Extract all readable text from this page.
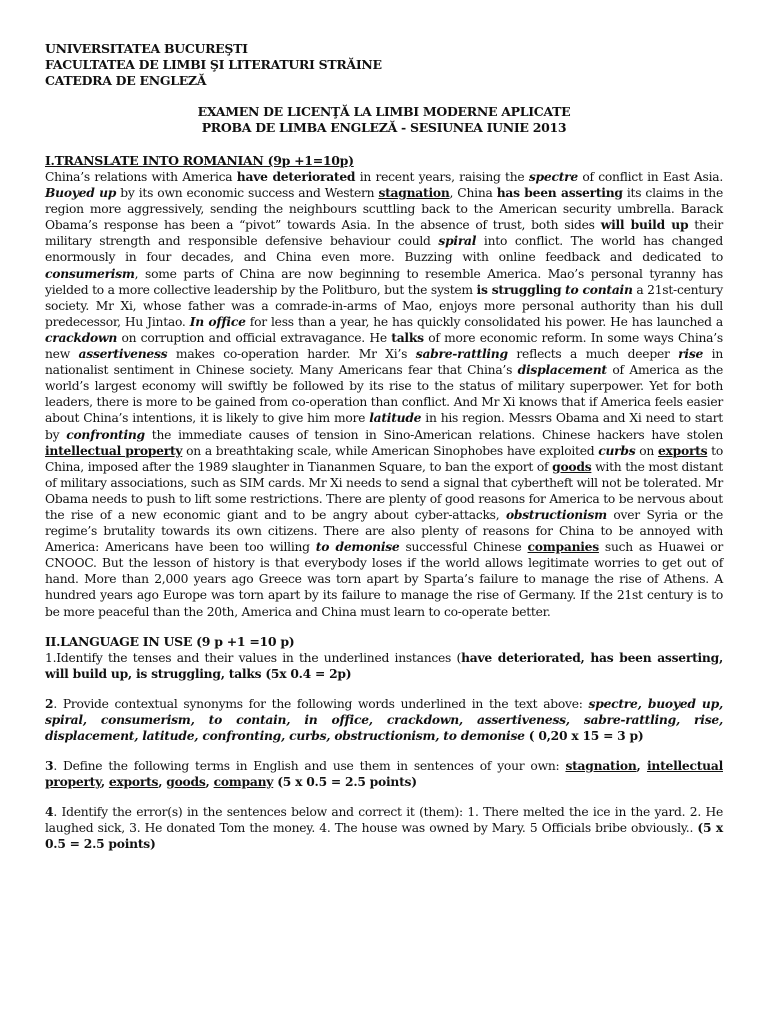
UNIVERSITATEA BUCUREŞTI
FACULTATEA DE LIMBI ŞI LITERATURI STRĂINE
CATEDRA DE ENGLEZĂ
EXAMEN DE LICENŢĂ LA LIMBI MODERNE APLICATE
PROBA DE LIMBA ENGLEZĂ - SESIUNEA IUNIE 2013
I.TRANSLATE INTO ROMANIAN (9p +1=10p)

China’s relations with America have deteriorated in recent years, raising the spectre of conflict in East Asia. Buoyed up by its own economic success and Western stagnation, China has been asserting its claims in the region more aggressively, sending the neighbours scuttling back to the American security umbrella. Barack Obama’s response has been a “pivot” towards Asia. In the absence of trust, both sides will build up their military strength and responsible defensive behaviour could spiral into conflict. The world has changed enormously in four decades, and China even more. Buzzing with online feedback and dedicated to consumerism, some parts of China are now beginning to resemble America. Mao’s personal tyranny has yielded to a more collective leadership by the Politburo, but the system is struggling to contain a 21st-century society. Mr Xi, whose father was a comrade-in-arms of Mao, enjoys more personal authority than his dull predecessor, Hu Jintao. In office for less than a year, he has quickly consolidated his power. He has launched a crackdown on corruption and official extravagance. He talks of more economic reform. In some ways China’s new assertiveness makes co-operation harder. Mr Xi’s sabre-rattling reflects a much deeper rise in nationalist sentiment in Chinese society. Many Americans fear that China’s displacement of America as the world’s largest economy will swiftly be followed by its rise to the status of military superpower. Yet for both leaders, there is more to be gained from co-operation than conflict. And Mr Xi knows that if America feels easier about China’s intentions, it is likely to give him more latitude in his region. Messrs Obama and Xi need to start by confronting the immediate causes of tension in Sino-American relations. Chinese hackers have stolen intellectual property on a breathtaking scale, while American Sinophobes have exploited curbs on exports to China, imposed after the 1989 slaughter in Tiananmen Square, to ban the export of goods with the most distant of military associations, such as SIM cards. Mr Xi needs to send a signal that cybertheft will not be tolerated. Mr Obama needs to push to lift some restrictions. There are plenty of good reasons for America to be nervous about the rise of a new economic giant and to be angry about cyber-attacks, obstructionism over Syria or the regime’s brutality towards its own citizens. There are also plenty of reasons for China to be annoyed with America: Americans have been too willing to demonise successful Chinese companies such as Huawei or CNOOC. But the lesson of history is that everybody loses if the world allows legitimate worries to get out of hand. More than 2,000 years ago Greece was torn apart by Sparta’s failure to manage the rise of Athens. A hundred years ago Europe was torn apart by its failure to manage the rise of Germany. If the 21st century is to be more peaceful than the 20th, America and China must learn to co-operate better.

II.LANGUAGE IN USE (9 p +1 =10 p)

1.Identify the tenses and their values in the underlined instances (have deteriorated, has been asserting, will build up, is struggling, talks (5x 0.4 = 2p)

2. Provide contextual synonyms for the following words underlined in the text above: spectre, buoyed up, spiral, consumerism, to contain, in office, crackdown, assertiveness, sabre-rattling, rise, displacement, latitude, confronting, curbs, obstructionism, to demonise ( 0,20 x 15 = 3 p)

3. Define the following terms in English and use them in sentences of your own: stagnation, intellectual property, exports, goods, company (5 x 0.5 = 2.5 points)

4. Identify the error(s) in the sentences below and correct it (them): 1. There melted the ice in the yard. 2. He laughed sick, 3. He donated Tom the money. 4. The house was owned by Mary. 5 Officials bribe obviously.. (5 x 0.5 = 2.5 points)
